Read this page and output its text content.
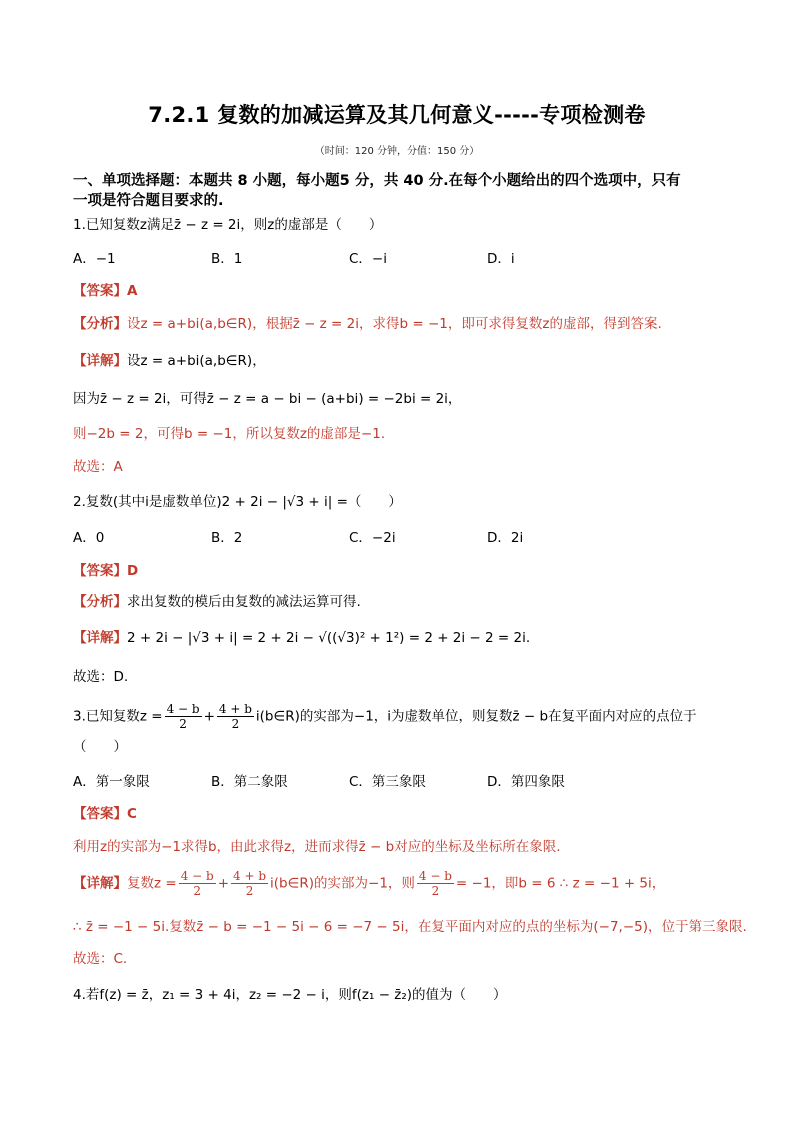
7.2.1 复数的加减运算及其几何意义-----专项检测卷
（时间：120 分钟，分值：150 分）
一、单项选择题：本题共 8 小题，每小题5 分，共 40 分.在每个小题给出的四个选项中，只有
一项是符合题目要求的.
1.已知复数z满足z̄ − z = 2i，则z的虚部是（　　）
A．−1	B．1	C．−i	D．i
【答案】A
【分析】设z = a+bi(a,b∈R)，根据z̄ − z = 2i，求得b = −1，即可求得复数z的虚部，得到答案.
【详解】设z = a+bi(a,b∈R)，
因为z̄ − z = 2i，可得z̄ − z = a − bi − (a+bi) = −2bi = 2i，
则−2b = 2，可得b = −1，所以复数z的虚部是−1.
故选：A
2.复数(其中i是虚数单位)2 + 2i − |√3 + i| =（　　）
A．0	B．2	C．−2i	D．2i
【答案】D
【分析】求出复数的模后由复数的减法运算可得.
【详解】2 + 2i − |√3 + i| = 2 + 2i − √((√3)² + 1²) = 2 + 2i − 2 = 2i.
故选：D.
3.已知复数$z = \frac{4 - b}{2} + \frac{4 + b}{2}$ i(b∈R)的实部为−1，i为虚数单位，则复数z̄ − b在复平面内对应的点位于
（　　）
A．第一象限	B．第二象限	C．第三象限	D．第四象限
【答案】C
利用z的实部为−1求得b，由此求得z，进而求得z̄ − b对应的坐标及坐标所在象限.
【详解】复数$z = \frac{4 - b}{2} + \frac{4 + b}{2}$ i(b∈R)的实部为−1，则 $\frac{4 - b}{2} = -1$，即b = 6 ∴ z = −1 + 5i，
∴ z̄ = −1 − 5i.复数z̄ − b = −1 − 5i − 6 = −7 − 5i，在复平面内对应的点的坐标为(−7,−5)，位于第三象限.
故选：C.
4.若f(z) = z̄，z₁ = 3 + 4i，z₂ = −2 − i，则f(z₁ − z̄₂)的值为（　　）
